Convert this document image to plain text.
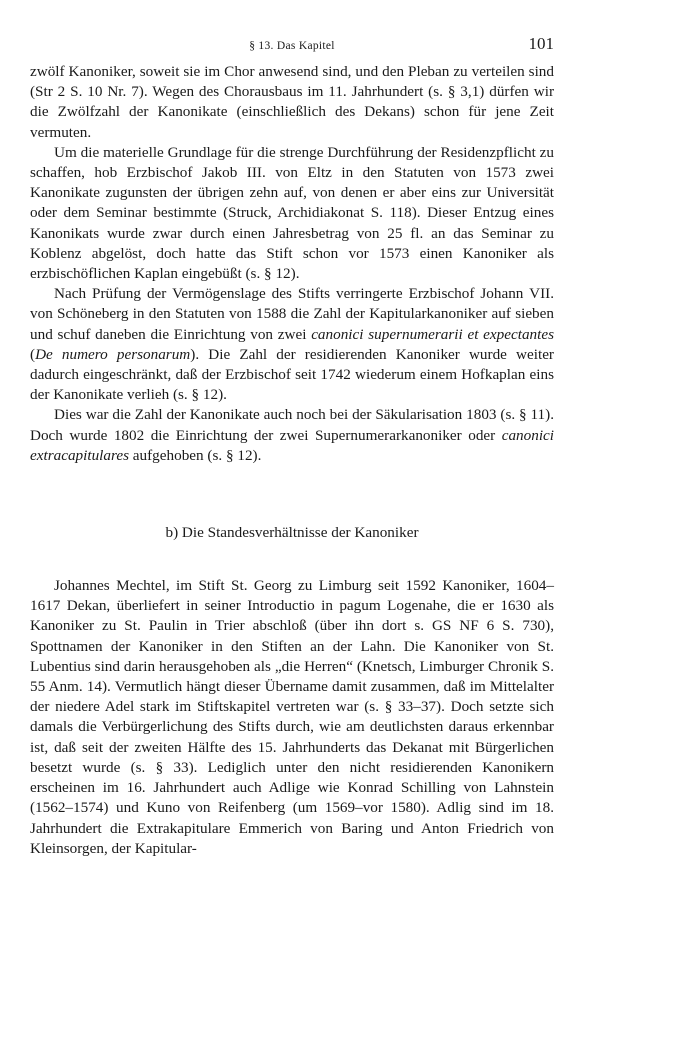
§ 13. Das Kapitel	101

zwölf Kanoniker, soweit sie im Chor anwesend sind, und den Pleban zu verteilen sind (Str 2 S. 10 Nr. 7). Wegen des Chorausbaus im 11. Jahrhundert (s. § 3,1) dürfen wir die Zwölfzahl der Kanonikate (einschließlich des Dekans) schon für jene Zeit vermuten.

Um die materielle Grundlage für die strenge Durchführung der Residenzpflicht zu schaffen, hob Erzbischof Jakob III. von Eltz in den Statuten von 1573 zwei Kanonikate zugunsten der übrigen zehn auf, von denen er aber eins zur Universität oder dem Seminar bestimmte (Struck, Archidiakonat S. 118). Dieser Entzug eines Kanonikats wurde zwar durch einen Jahresbetrag von 25 fl. an das Seminar zu Koblenz abgelöst, doch hatte das Stift schon vor 1573 einen Kanoniker als erzbischöflichen Kaplan eingebüßt (s. § 12).

Nach Prüfung der Vermögenslage des Stifts verringerte Erzbischof Johann VII. von Schöneberg in den Statuten von 1588 die Zahl der Kapitularkanoniker auf sieben und schuf daneben die Einrichtung von zwei canonici supernumerarii et expectantes (De numero personarum). Die Zahl der residierenden Kanoniker wurde weiter dadurch eingeschränkt, daß der Erzbischof seit 1742 wiederum einem Hofkaplan eins der Kanonikate verlieh (s. § 12).

Dies war die Zahl der Kanonikate auch noch bei der Säkularisation 1803 (s. § 11). Doch wurde 1802 die Einrichtung der zwei Supernumerarkanoniker oder canonici extracapitulares aufgehoben (s. § 12).

b) Die Standesverhältnisse der Kanoniker

Johannes Mechtel, im Stift St. Georg zu Limburg seit 1592 Kanoniker, 1604–1617 Dekan, überliefert in seiner Introductio in pagum Logenahe, die er 1630 als Kanoniker zu St. Paulin in Trier abschloß (über ihn dort s. GS NF 6 S. 730), Spottnamen der Kanoniker in den Stiften an der Lahn. Die Kanoniker von St. Lubentius sind darin herausgehoben als „die Herren“ (Knetsch, Limburger Chronik S. 55 Anm. 14). Vermutlich hängt dieser Übername damit zusammen, daß im Mittelalter der niedere Adel stark im Stiftskapitel vertreten war (s. § 33–37). Doch setzte sich damals die Verbürgerlichung des Stifts durch, wie am deutlichsten daraus erkennbar ist, daß seit der zweiten Hälfte des 15. Jahrhunderts das Dekanat mit Bürgerlichen besetzt wurde (s. § 33). Lediglich unter den nicht residierenden Kanonikern erscheinen im 16. Jahrhundert auch Adlige wie Konrad Schilling von Lahnstein (1562–1574) und Kuno von Reifenberg (um 1569–vor 1580). Adlig sind im 18. Jahrhundert die Extrakapitulare Emmerich von Baring und Anton Friedrich von Kleinsorgen, der Kapitular-
